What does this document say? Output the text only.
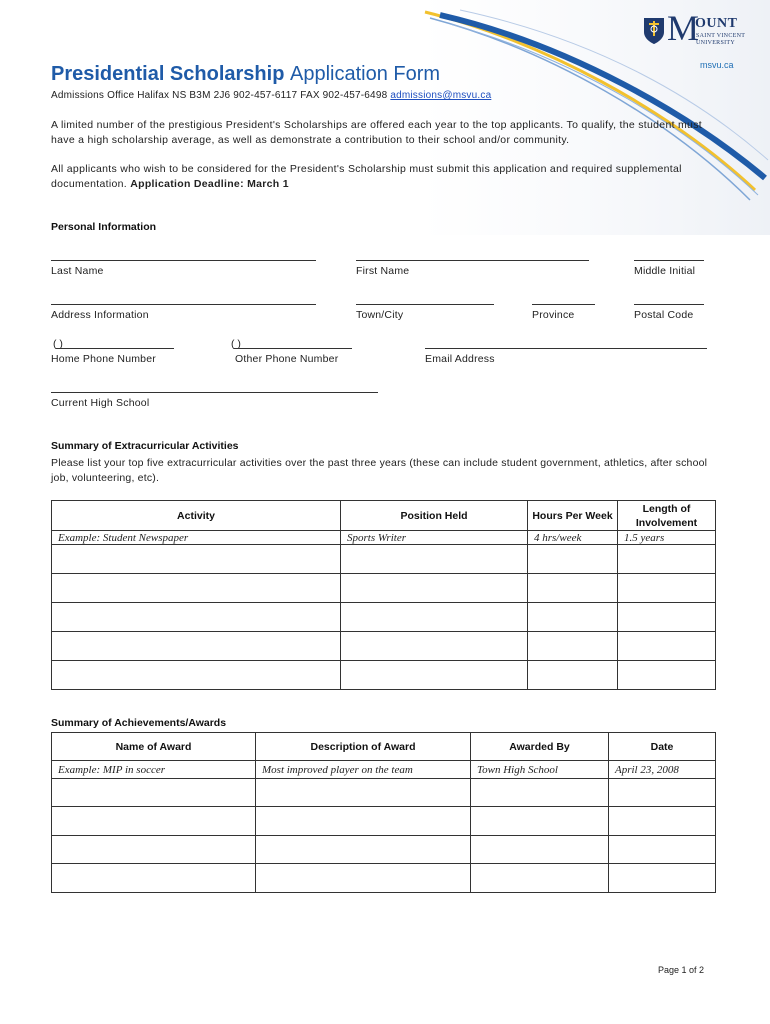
M
OUNT
SAINT VINCENT UNIVERSITY
msvu.ca
Presidential Scholarship Application Form
Admissions Office Halifax NS B3M 2J6 902-457-6117 FAX 902-457-6498 admissions@msvu.ca
A limited number of the prestigious President's Scholarships are offered each year to the top applicants. To qualify, the student must have a high scholarship average, as well as demonstrate a contribution to their school and/or community.
All applicants who wish to be considered for the President's Scholarship must submit this application and required supplemental documentation. Application Deadline: March 1
Personal Information
Last Name	First Name	Middle Initial
Address Information	Town/City	Province	Postal Code
( )	( )
Home Phone Number	Other Phone Number	Email Address
Current High School
Summary of Extracurricular Activities
Please list your top five extracurricular activities over the past three years (these can include student government, athletics, after school job, volunteering, etc).
Activity	Position Held	Hours Per Week	Length of Involvement
Example: Student Newspaper	Sports Writer	4 hrs/week	1.5 years

Summary of Achievements/Awards
Name of Award	Description of Award	Awarded By	Date
Example: MIP in soccer	Most improved player on the team	Town High School	April 23, 2008

Page 1 of 2
